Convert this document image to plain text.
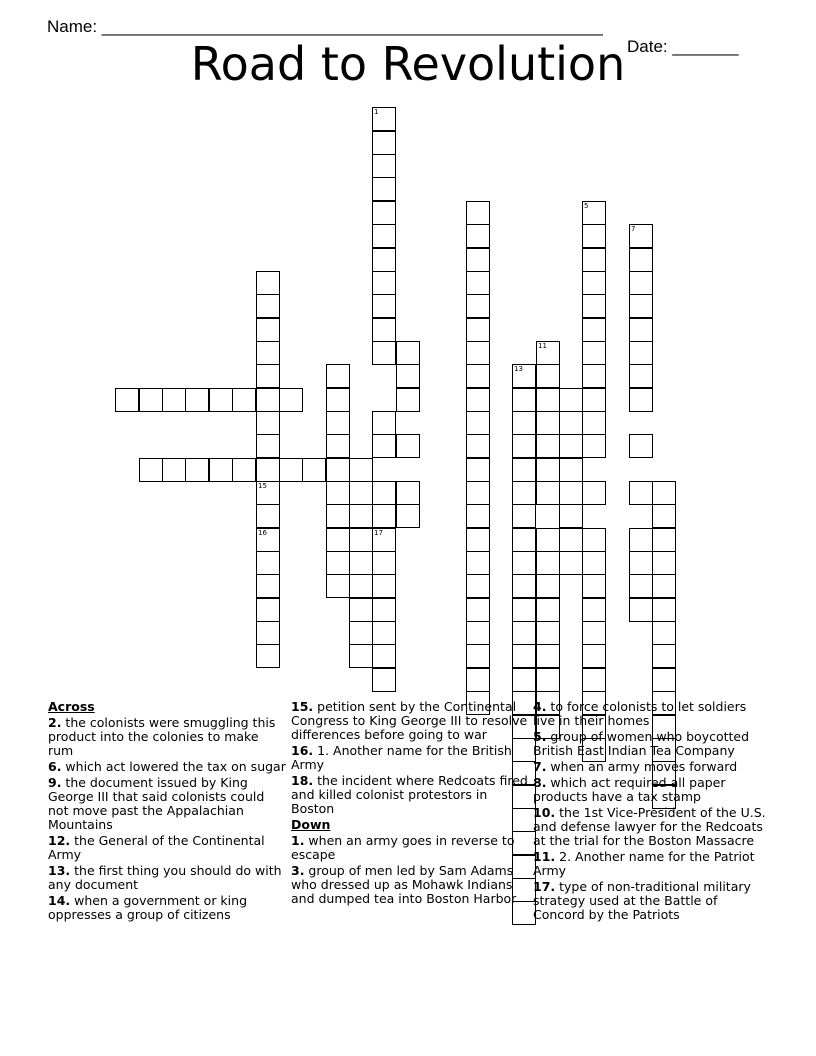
Name: _____________________________________________________

Date: _______

Road to Revolution
15
16
13
1
17
11
5
7
Across
2. the colonists were smuggling this product into the colonies to make rum
6. which act lowered the tax on sugar
9. the document issued by King George III that said colonists could not move past the Appalachian Mountains
12. the General of the Continental Army
13. the first thing you should do with any document
14. when a government or king oppresses a group of citizens
15. petition sent by the Continental Congress to King George III to resolve differences before going to war
16. 1. Another name for the British Army
18. the incident where Redcoats fired and killed colonist protestors in Boston
Down
1. when an army goes in reverse to escape
3. group of men led by Sam Adams who dressed up as Mohawk Indians and dumped tea into Boston Harbor
4. to force colonists to let soldiers live in their homes
5. group of women who boycotted British East Indian Tea Company
7. when an army moves forward
8. which act required all paper products have a tax stamp
10. the 1st Vice-President of the U.S. and defense lawyer for the Redcoats at the trial for the Boston Massacre
11. 2. Another name for the Patriot Army
17. type of non-traditional military strategy used at the Battle of Concord by the Patriots
